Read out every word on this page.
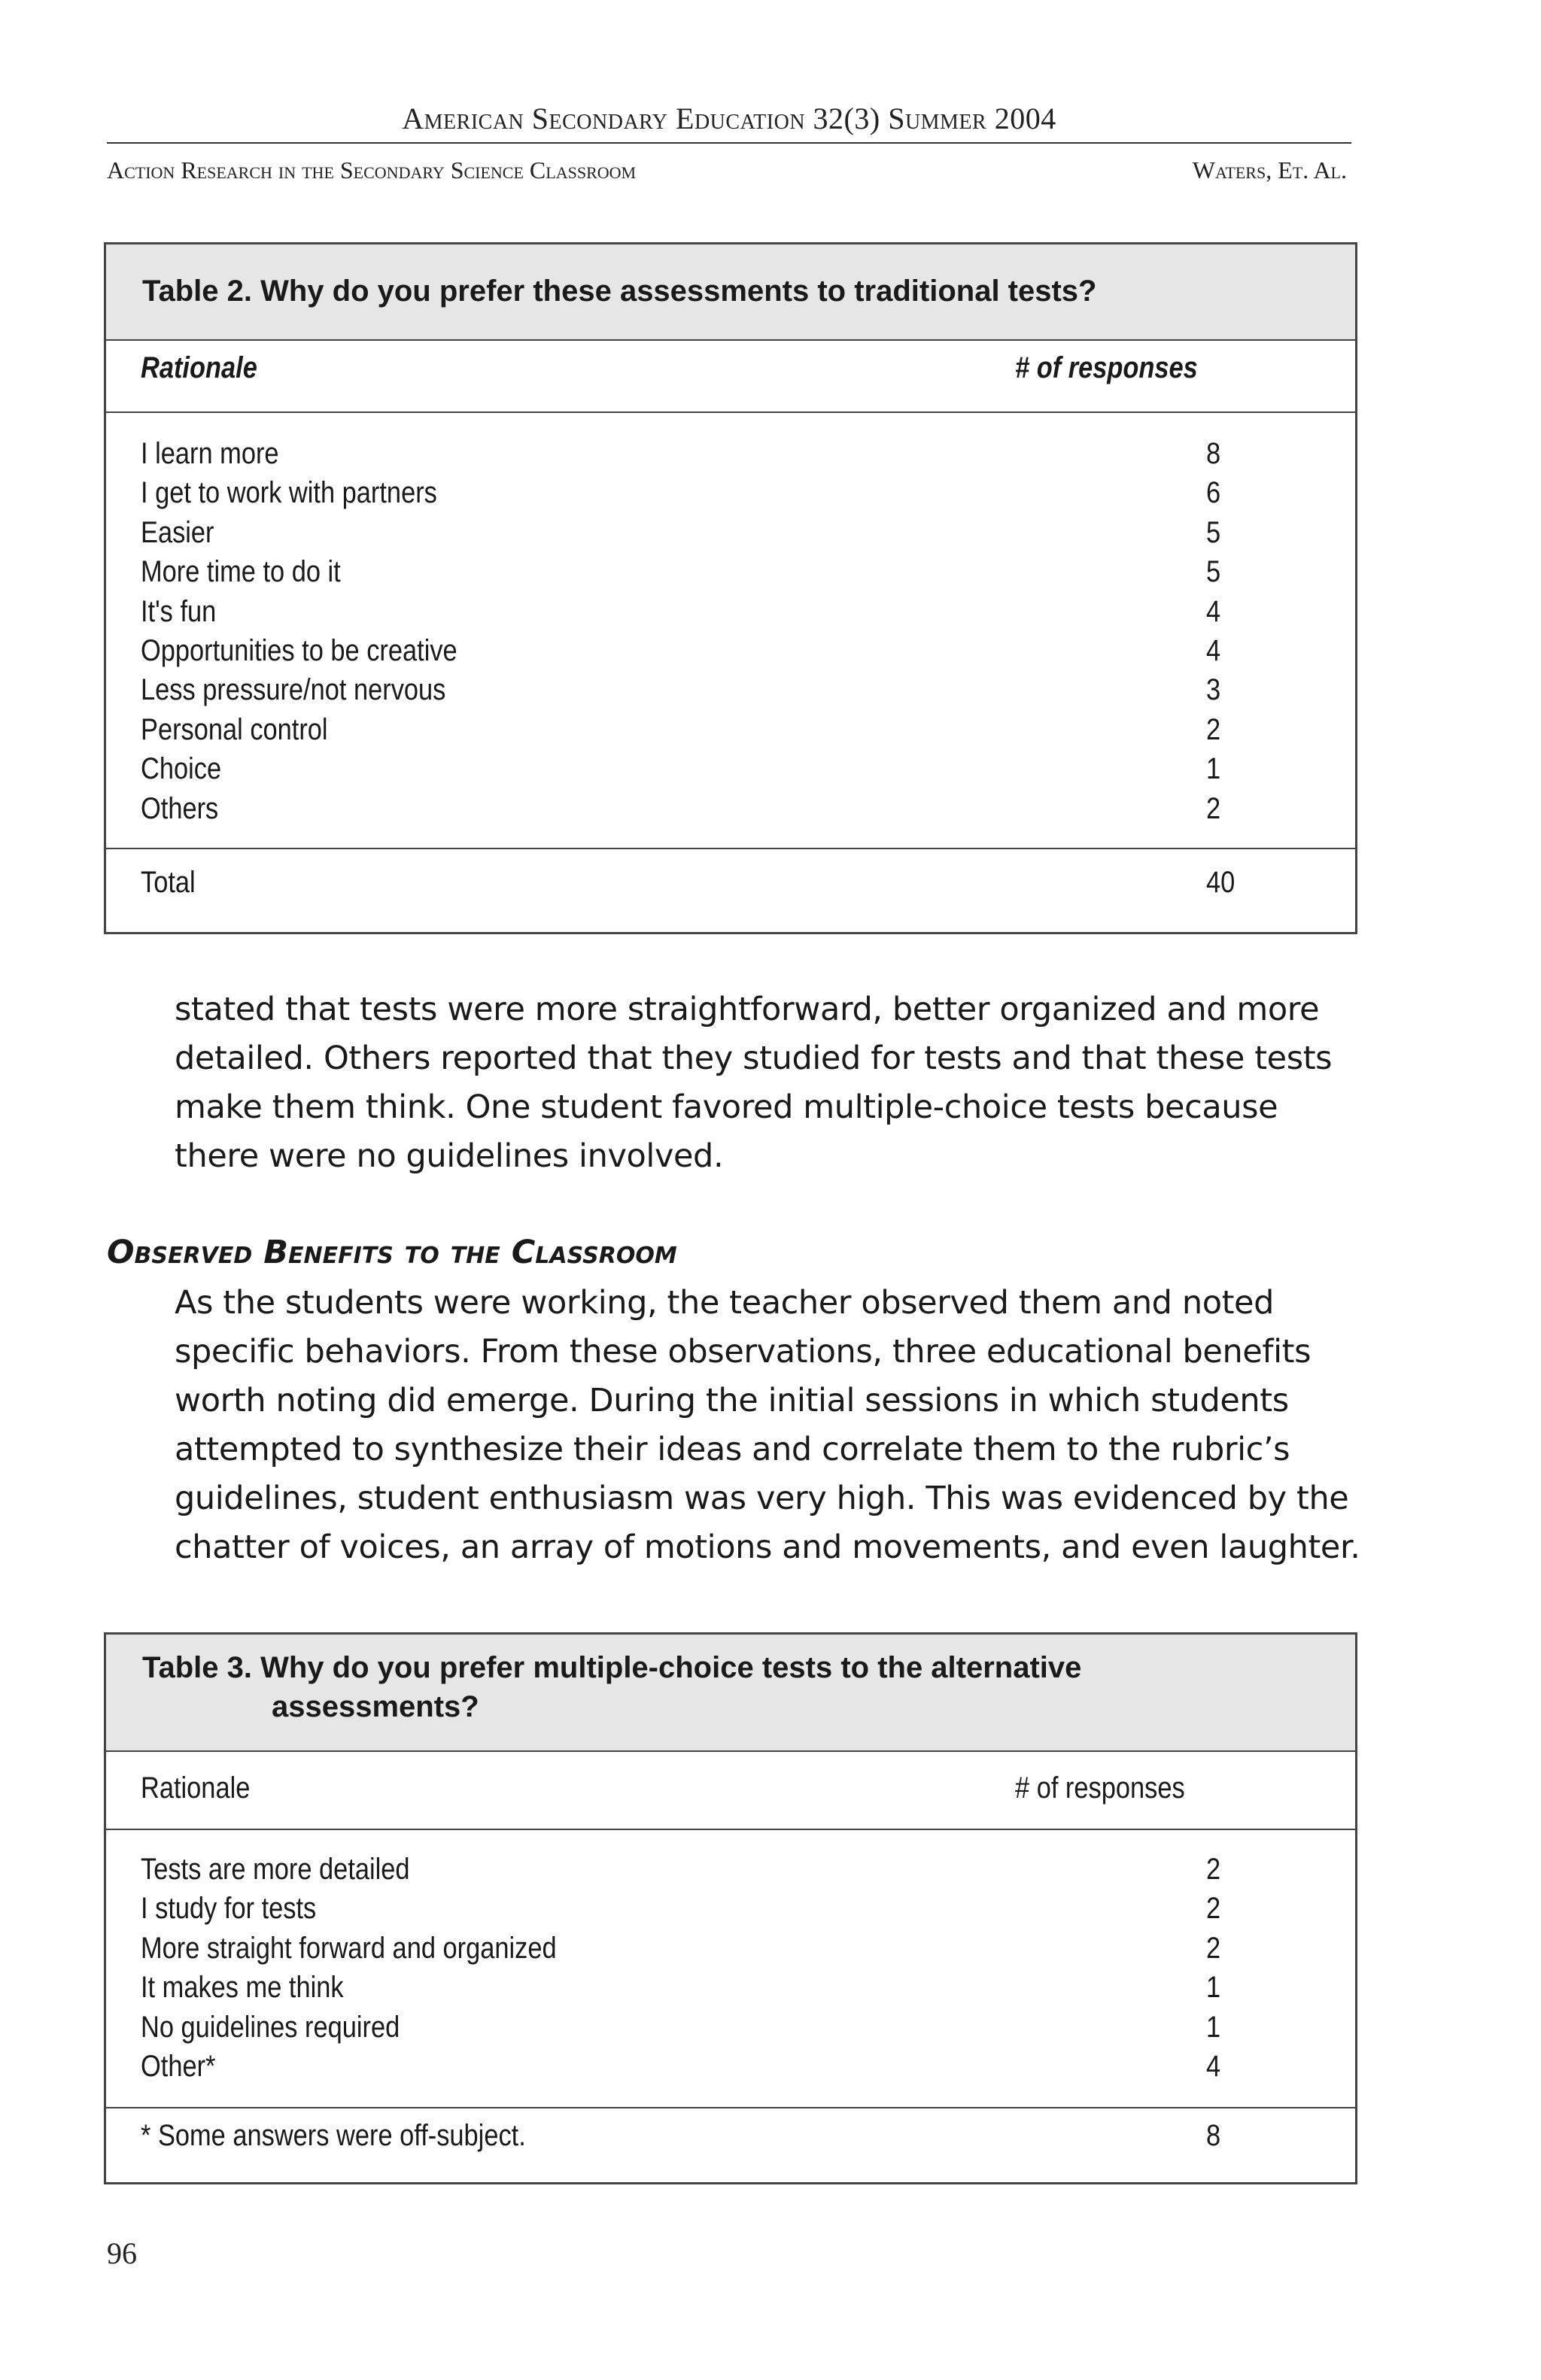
American Secondary Education 32(3) Summer 2004
Action Research in the Secondary Science Classroom	Waters, Et. Al.
Table 2. Why do you prefer these assessments to traditional tests?
Rationale	# of responses
I learn more	8
I get to work with partners	6
Easier	5
More time to do it	5
It's fun	4
Opportunities to be creative	4
Less pressure/not nervous	3
Personal control	2
Choice	1
Others	2
Total	40
stated that tests were more straightforward, better organized and more detailed. Others reported that they studied for tests and that these tests make them think. One student favored multiple-choice tests because there were no guidelines involved.
Observed Benefits to the Classroom
As the students were working, the teacher observed them and noted specific behaviors. From these observations, three educational benefits worth noting did emerge. During the initial sessions in which students attempted to synthesize their ideas and correlate them to the rubric’s guidelines, student enthusiasm was very high. This was evidenced by the chatter of voices, an array of motions and movements, and even laughter.
Table 3. Why do you prefer multiple-choice tests to the alternative
assessments?
Rationale	# of responses
Tests are more detailed	2
I study for tests	2
More straight forward and organized	2
It makes me think	1
No guidelines required	1
Other*	4
* Some answers were off-subject.	8
96
